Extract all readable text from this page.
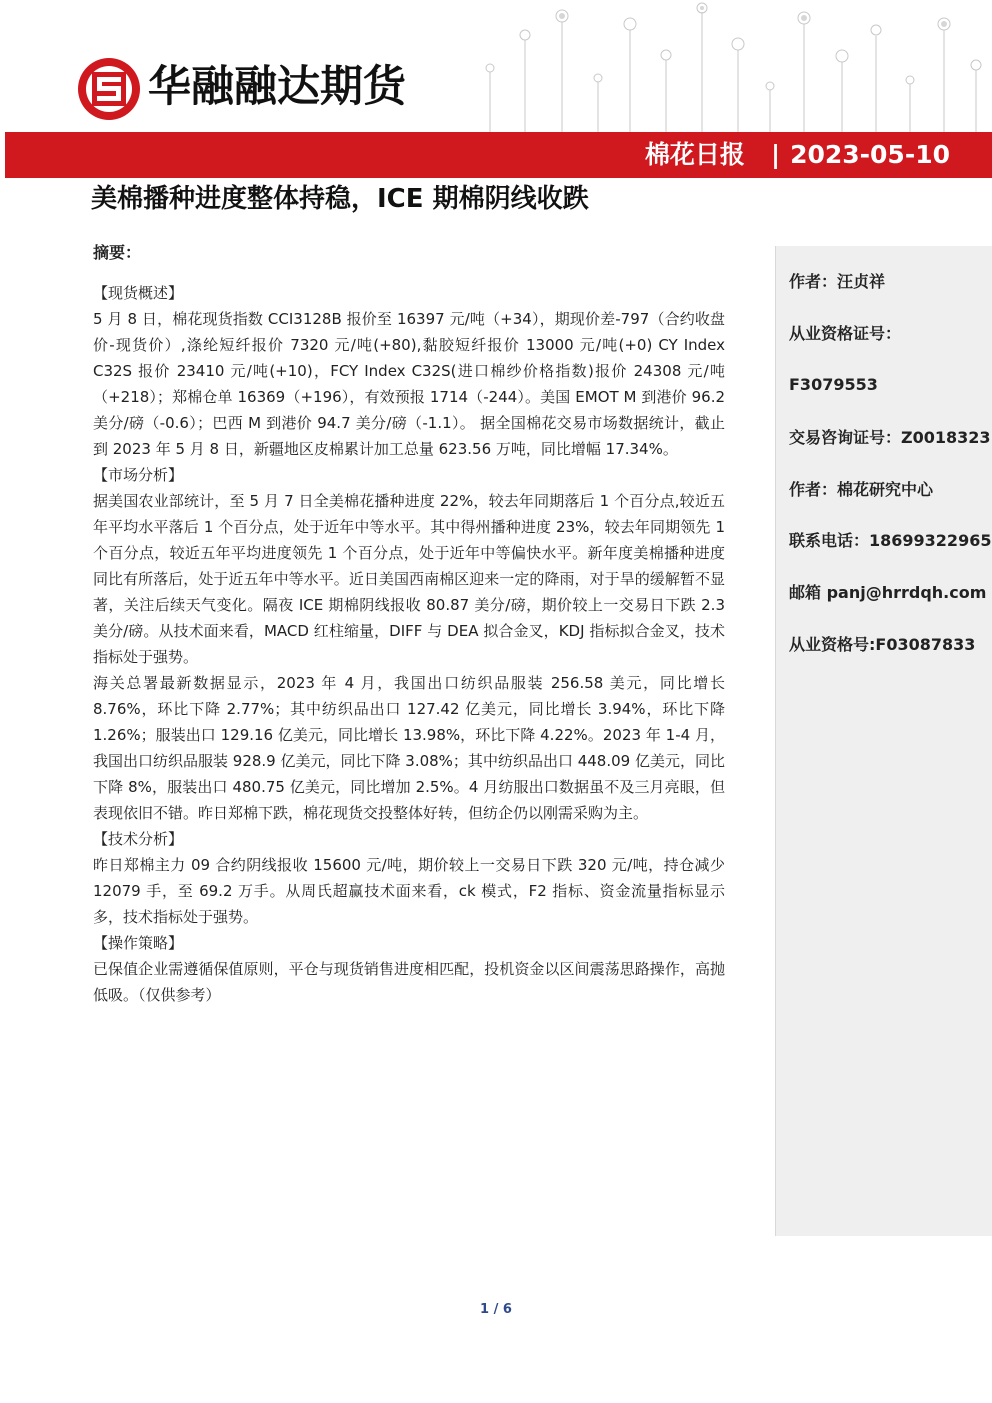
华融融达期货
棉花日报 | 2023-05-10
美棉播种进度整体持稳，ICE 期棉阴线收跌
摘要：
【现货概述】

5 月 8 日，棉花现货指数 CCI3128B 报价至 16397 元/吨（+34），期现价差-797（合约收盘价-现货价）,涤纶短纤报价 7320 元/吨(+80),黏胶短纤报价 13000 元/吨(+0) CY Index C32S 报价 23410 元/吨(+10)，FCY Index C32S(进口棉纱价格指数)报价 24308 元/吨（+218）；郑棉仓单 16369（+196），有效预报 1714（-244）。美国 EMOT M 到港价 96.2 美分/磅（-0.6）；巴西 M 到港价 94.7 美分/磅（-1.1）。 据全国棉花交易市场数据统计，截止到 2023 年 5 月 8 日，新疆地区皮棉累计加工总量 623.56 万吨，同比增幅 17.34%。

【市场分析】

据美国农业部统计，至 5 月 7 日全美棉花播种进度 22%，较去年同期落后 1 个百分点,较近五年平均水平落后 1 个百分点，处于近年中等水平。其中得州播种进度 23%，较去年同期领先 1 个百分点，较近五年平均进度领先 1 个百分点，处于近年中等偏快水平。新年度美棉播种进度同比有所落后，处于近五年中等水平。近日美国西南棉区迎来一定的降雨，对于旱的缓解暂不显著，关注后续天气变化。隔夜 ICE 期棉阴线报收 80.87 美分/磅，期价较上一交易日下跌 2.3 美分/磅。从技术面来看，MACD 红柱缩量，DIFF 与 DEA 拟合金叉，KDJ 指标拟合金叉，技术指标处于强势。

海关总署最新数据显示，2023 年 4 月，我国出口纺织品服装 256.58 美元，同比增长 8.76%，环比下降 2.77%；其中纺织品出口 127.42 亿美元，同比增长 3.94%，环比下降 1.26%；服装出口 129.16 亿美元，同比增长 13.98%，环比下降 4.22%。2023 年 1-4 月，我国出口纺织品服装 928.9 亿美元，同比下降 3.08%；其中纺织品出口 448.09 亿美元，同比下降 8%，服装出口 480.75 亿美元，同比增加 2.5%。4 月纺服出口数据虽不及三月亮眼，但表现依旧不错。昨日郑棉下跌，棉花现货交投整体好转，但纺企仍以刚需采购为主。

【技术分析】

昨日郑棉主力 09 合约阴线报收 15600 元/吨，期价较上一交易日下跌 320 元/吨，持仓减少 12079 手，至 69.2 万手。从周氏超赢技术面来看，ck 模式，F2 指标、资金流量指标显示多，技术指标处于强势。

【操作策略】

已保值企业需遵循保值原则，平仓与现货销售进度相匹配，投机资金以区间震荡思路操作，高抛低吸。（仅供参考）

作者：汪贞祥
从业资格证号：
F3079553
交易咨询证号：Z0018323
作者：棉花研究中心
联系电话：18699322965
邮箱 panj@hrrdqh.com
从业资格号:F03087833
1 / 6
